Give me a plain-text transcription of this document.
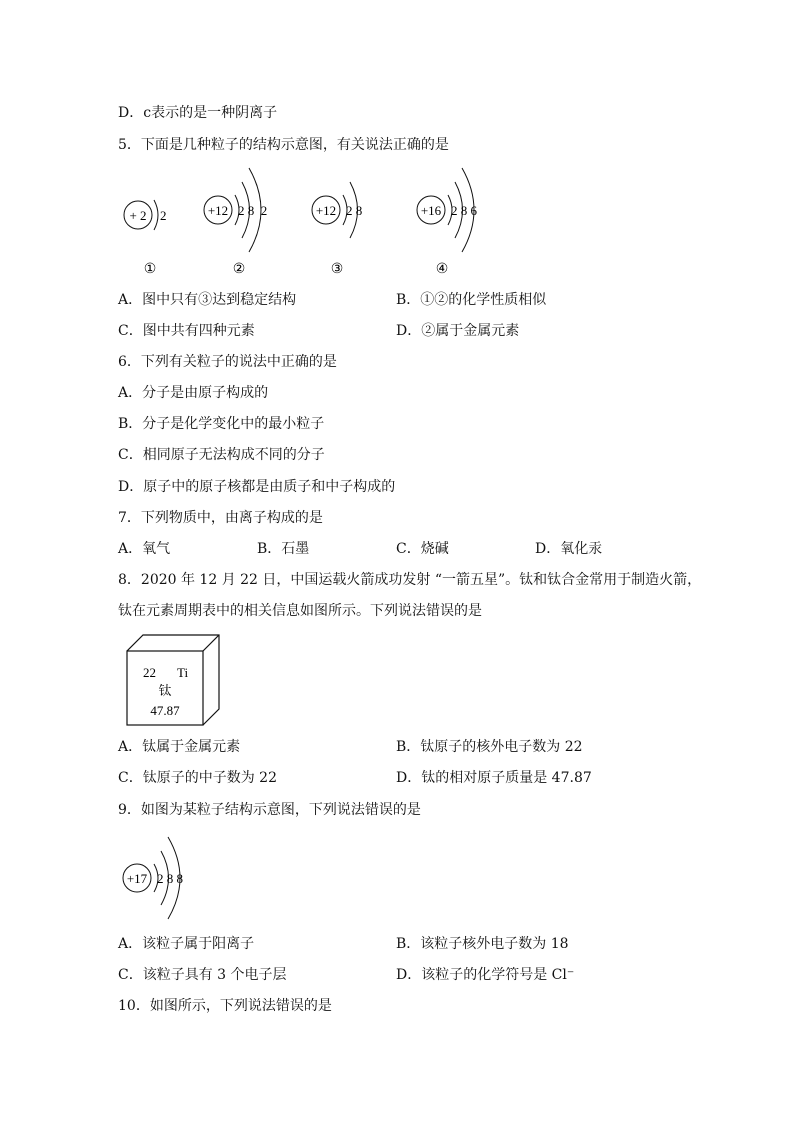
D．c表示的是一种阴离子
5．下面是几种粒子的结构示意图，有关说法正确的是
+ 2 2
①
+12 2 8  2
②
+12 2 8
③
+16 2 8 6
④
A．图中只有③达到稳定结构	B．①②的化学性质相似
C．图中共有四种元素	D．②属于金属元素
6．下列有关粒子的说法中正确的是
A．分子是由原子构成的
B．分子是化学变化中的最小粒子
C．相同原子无法构成不同的分子
D．原子中的原子核都是由质子和中子构成的
7．下列物质中，由离子构成的是
A．氧气	B．石墨	C．烧碱	D．氧化汞
8．2020 年 12 月 22 日，中国运载火箭成功发射 “一箭五星”。钛和钛合金常用于制造火箭，
钛在元素周期表中的相关信息如图所示。下列说法错误的是
22 Ti
钛
47.87
A．钛属于金属元素	B．钛原子的核外电子数为 22
C．钛原子的中子数为 22	D．钛的相对原子质量是 47.87
9．如图为某粒子结构示意图，下列说法错误的是
+17 2 8 8
A．该粒子属于阳离子	B．该粒子核外电子数为 18
C．该粒子具有 3 个电子层	D．该粒子的化学符号是 Cl⁻
10．如图所示，下列说法错误的是
